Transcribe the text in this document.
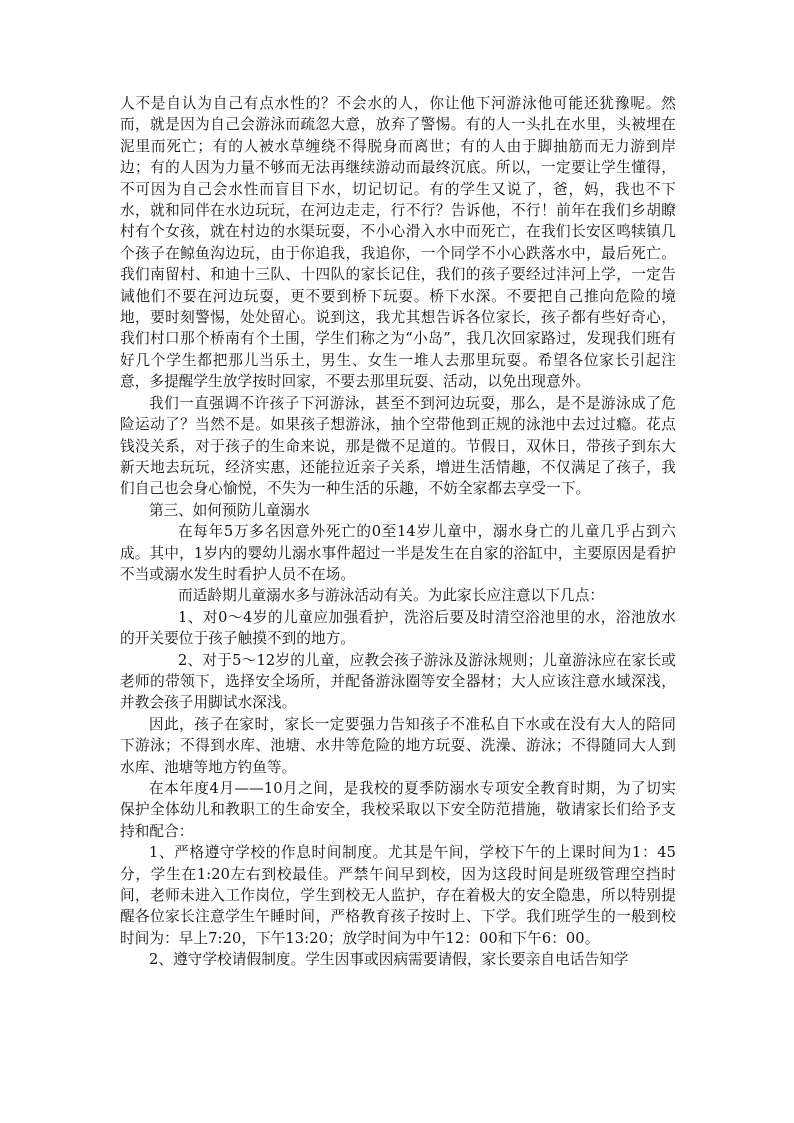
人不是自认为自己有点水性的？不会水的人，你让他下河游泳他可能还犹豫呢。然而，就是因为自己会游泳而疏忽大意，放弃了警惕。有的人一头扎在水里，头被埋在泥里而死亡；有的人被水草缠绕不得脱身而离世；有的人由于脚抽筋而无力游到岸边；有的人因为力量不够而无法再继续游动而最终沉底。所以，一定要让学生懂得，不可因为自己会水性而盲目下水，切记切记。有的学生又说了，爸，妈，我也不下水，就和同伴在水边玩玩，在河边走走，行不行？告诉他，不行！前年在我们乡胡瞭村有个女孩，就在村边的水渠玩耍，不小心滑入水中而死亡，在我们长安区鸣犊镇几个孩子在鲸鱼沟边玩，由于你追我，我追你，一个同学不小心跌落水中，最后死亡。我们南留村、和迪十三队、十四队的家长记住，我们的孩子要经过沣河上学，一定告诫他们不要在河边玩耍，更不要到桥下玩耍。桥下水深。不要把自己推向危险的境地，要时刻警惕，处处留心。说到这，我尤其想告诉各位家长，孩子都有些好奇心，我们村口那个桥南有个土围，学生们称之为“小岛”，我几次回家路过，发现我们班有好几个学生都把那儿当乐土，男生、女生一堆人去那里玩耍。希望各位家长引起注意，多提醒学生放学按时回家，不要去那里玩耍、活动，以免出现意外。

我们一直强调不许孩子下河游泳，甚至不到河边玩耍，那么，是不是游泳成了危险运动了？当然不是。如果孩子想游泳，抽个空带他到正规的泳池中去过过瘾。花点钱没关系，对于孩子的生命来说，那是微不足道的。节假日，双休日，带孩子到东大新天地去玩玩，经济实惠，还能拉近亲子关系，增进生活情趣，不仅满足了孩子，我们自己也会身心愉悦，不失为一种生活的乐趣，不妨全家都去享受一下。

第三、如何预防儿童溺水

在每年5万多名因意外死亡的0至14岁儿童中，溺水身亡的儿童几乎占到六成。其中，1岁内的婴幼儿溺水事件超过一半是发生在自家的浴缸中，主要原因是看护不当或溺水发生时看护人员不在场。

而适龄期儿童溺水多与游泳活动有关。为此家长应注意以下几点：

1、对0～4岁的儿童应加强看护，洗浴后要及时清空浴池里的水，浴池放水的开关要位于孩子触摸不到的地方。

2、对于5～12岁的儿童，应教会孩子游泳及游泳规则；儿童游泳应在家长或老师的带领下，选择安全场所，并配备游泳圈等安全器材；大人应该注意水域深浅，并教会孩子用脚试水深浅。

因此，孩子在家时，家长一定要强力告知孩子不准私自下水或在没有大人的陪同下游泳；不得到水库、池塘、水井等危险的地方玩耍、洗澡、游泳；不得随同大人到水库、池塘等地方钓鱼等。

在本年度4月——10月之间，是我校的夏季防溺水专项安全教育时期，为了切实保护全体幼儿和教职工的生命安全，我校采取以下安全防范措施，敬请家长们给予支持和配合：

1、严格遵守学校的作息时间制度。尤其是午间，学校下午的上课时间为1：45分，学生在1:20左右到校最佳。严禁午间早到校，因为这段时间是班级管理空挡时间，老师未进入工作岗位，学生到校无人监护，存在着极大的安全隐患，所以特别提醒各位家长注意学生午睡时间，严格教育孩子按时上、下学。我们班学生的一般到校时间为：早上7:20，下午13:20；放学时间为中午12：00和下午6：00。

2、遵守学校请假制度。学生因事或因病需要请假，家长要亲自电话告知学
